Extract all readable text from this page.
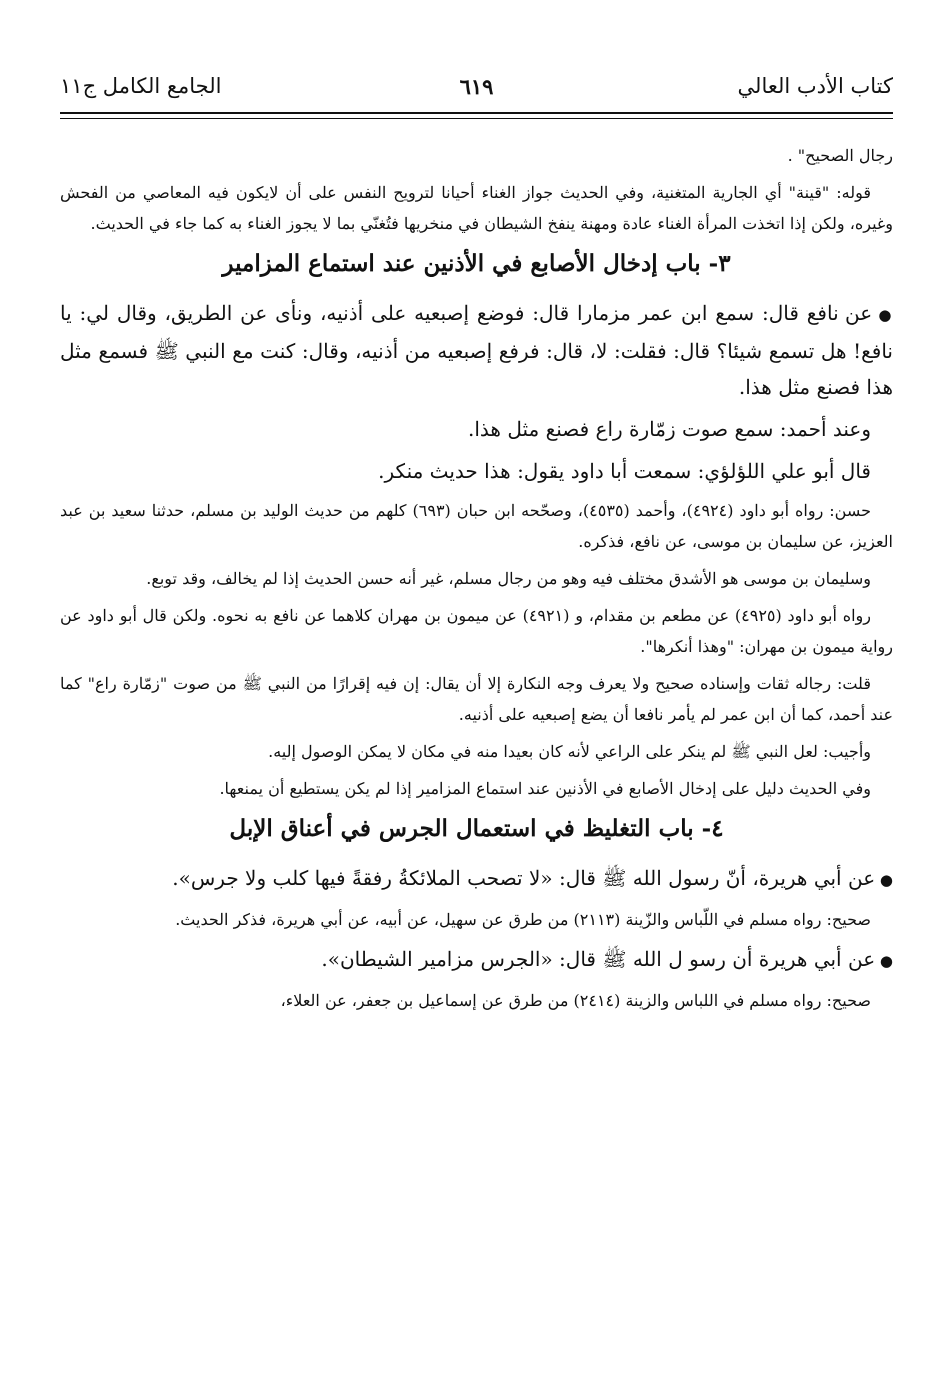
كتاب الأدب العالي
٦١٩
الجامع الكامل ج١١

رجال الصحيح" .

قوله: "قينة" أي الجارية المتغنية، وفي الحديث جواز الغناء أحيانا لترويح النفس على أن لايكون فيه المعاصي من الفحش وغيره، ولكن إذا اتخذت المرأة الغناء عادة ومهنة ينفخ الشيطان في منخريها فتُغنّي بما لا يجوز الغناء به كما جاء في الحديث.

٣- باب إدخال الأصابع في الأذنين عند استماع المزامير

● عن نافع قال: سمع ابن عمر مزمارا قال: فوضع إصبعيه على أذنيه، ونأى عن الطريق، وقال لي: يا نافع! هل تسمع شيئا؟ قال: فقلت: لا، قال: فرفع إصبعيه من أذنيه، وقال: كنت مع النبي ﷺ فسمع مثل هذا فصنع مثل هذا.

وعند أحمد: سمع صوت زمّارة راع فصنع مثل هذا.

قال أبو علي اللؤلؤي: سمعت أبا داود يقول: هذا حديث منكر.

حسن: رواه أبو داود (٤٩٢٤)، وأحمد (٤٥٣٥)، وصحّحه ابن حبان (٦٩٣) كلهم من حديث الوليد بن مسلم، حدثنا سعيد بن عبد العزيز، عن سليمان بن موسى، عن نافع، فذكره.

وسليمان بن موسى هو الأشدق مختلف فيه وهو من رجال مسلم، غير أنه حسن الحديث إذا لم يخالف، وقد توبع.

رواه أبو داود (٤٩٢٥) عن مطعم بن مقدام، و (٤٩٢١) عن ميمون بن مهران كلاهما عن نافع به نحوه. ولكن قال أبو داود عن رواية ميمون بن مهران: "وهذا أنكرها".

قلت: رجاله ثقات وإسناده صحيح ولا يعرف وجه النكارة إلا أن يقال: إن فيه إقرارًا من النبي ﷺ من صوت "زمّارة راع" كما عند أحمد، كما أن ابن عمر لم يأمر نافعا أن يضع إصبعيه على أذنيه.

وأجيب: لعل النبي ﷺ لم ينكر على الراعي لأنه كان بعيدا منه في مكان لا يمكن الوصول إليه.

وفي الحديث دليل على إدخال الأصابع في الأذنين عند استماع المزامير إذا لم يكن يستطيع أن يمنعها.

٤- باب التغليظ في استعمال الجرس في أعناق الإبل

● عن أبي هريرة، أنّ رسول الله ﷺ قال: «لا تصحب الملائكةُ رفقةً فيها كلب ولا جرس».

صحيح: رواه مسلم في اللّباس والزّينة (٢١١٣) من طرق عن سهيل، عن أبيه، عن أبي هريرة، فذكر الحديث.

● عن أبي هريرة أن رسو ل الله ﷺ قال: «الجرس مزامير الشيطان».

صحيح: رواه مسلم في اللباس والزينة (٢٤١٤) من طرق عن إسماعيل بن جعفر، عن العلاء،
